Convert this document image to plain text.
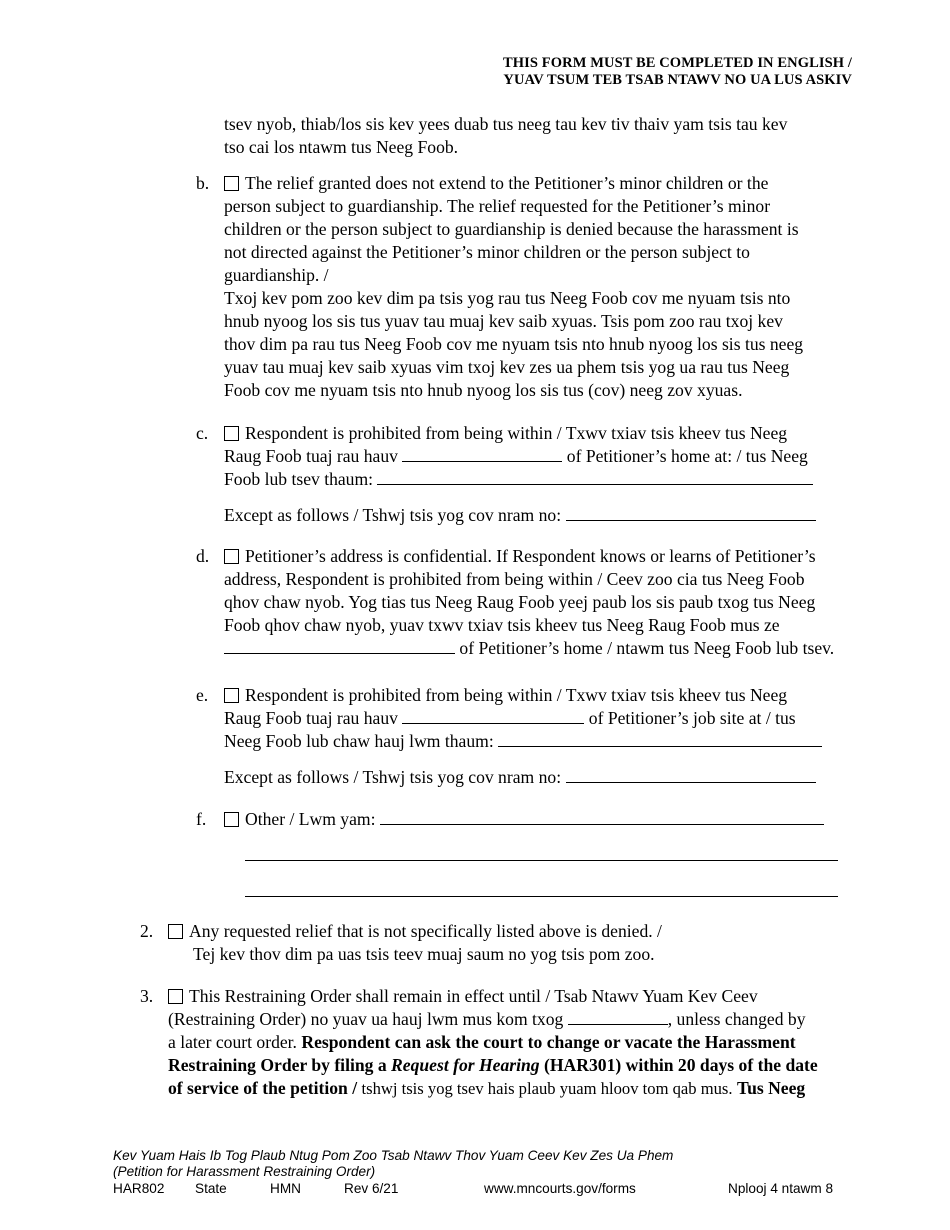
THIS FORM MUST BE COMPLETED IN ENGLISH /
YUAV TSUM TEB TSAB NTAWV NO UA LUS ASKIV
tsev nyob, thiab/los sis kev yees duab tus neeg tau kev tiv thaiv yam tsis tau kev
tso cai los ntawm tus Neeg Foob.
b.	The relief granted does not extend to the Petitioner’s minor children or the
person subject to guardianship. The relief requested for the Petitioner’s minor
children or the person subject to guardianship is denied because the harassment is
not directed against the Petitioner’s minor children or the person subject to
guardianship. /
Txoj kev pom zoo kev dim pa tsis yog rau tus Neeg Foob cov me nyuam tsis nto
hnub nyoog los sis tus yuav tau muaj kev saib xyuas. Tsis pom zoo rau txoj kev
thov dim pa rau tus Neeg Foob cov me nyuam tsis nto hnub nyoog los sis tus neeg
yuav tau muaj kev saib xyuas vim txoj kev zes ua phem tsis yog ua rau tus Neeg
Foob cov me nyuam tsis nto hnub nyoog los sis tus (cov) neeg zov xyuas.
c.	Respondent is prohibited from being within / Txwv txiav tsis kheev tus Neeg
Raug Foob tuaj rau hauv	of Petitioner’s home at: / tus Neeg
Foob lub tsev thaum:
Except as follows / Tshwj tsis yog cov nram no:
d.	Petitioner’s address is confidential. If Respondent knows or learns of Petitioner’s
address, Respondent is prohibited from being within / Ceev zoo cia tus Neeg Foob
qhov chaw nyob. Yog tias tus Neeg Raug Foob yeej paub los sis paub txog tus Neeg
Foob qhov chaw nyob, yuav txwv txiav tsis kheev tus Neeg Raug Foob mus ze
of Petitioner’s home / ntawm tus Neeg Foob lub tsev.
e.	Respondent is prohibited from being within / Txwv txiav tsis kheev tus Neeg
Raug Foob tuaj rau hauv	of Petitioner’s job site at / tus
Neeg Foob lub chaw hauj lwm thaum:
Except as follows / Tshwj tsis yog cov nram no:
f.	Other / Lwm yam:
2.	Any requested relief that is not specifically listed above is denied. /
Tej kev thov dim pa uas tsis teev muaj saum no yog tsis pom zoo.
3.	This Restraining Order shall remain in effect until / Tsab Ntawv Yuam Kev Ceev
(Restraining Order) no yuav ua hauj lwm mus kom txog	, unless changed by
a later court order. Respondent can ask the court to change or vacate the Harassment
Restraining Order by filing a Request for Hearing (HAR301) within 20 days of the date
of service of the petition / tshwj tsis yog tsev hais plaub yuam hloov tom qab mus. Tus Neeg
Kev Yuam Hais Ib Tog Plaub Ntug Pom Zoo Tsab Ntawv Thov Yuam Ceev Kev Zes Ua Phem
(Petition for Harassment Restraining Order)
HAR802 State	HMN	Rev 6/21	www.mncourts.gov/forms	Nplooj 4 ntawm 8
